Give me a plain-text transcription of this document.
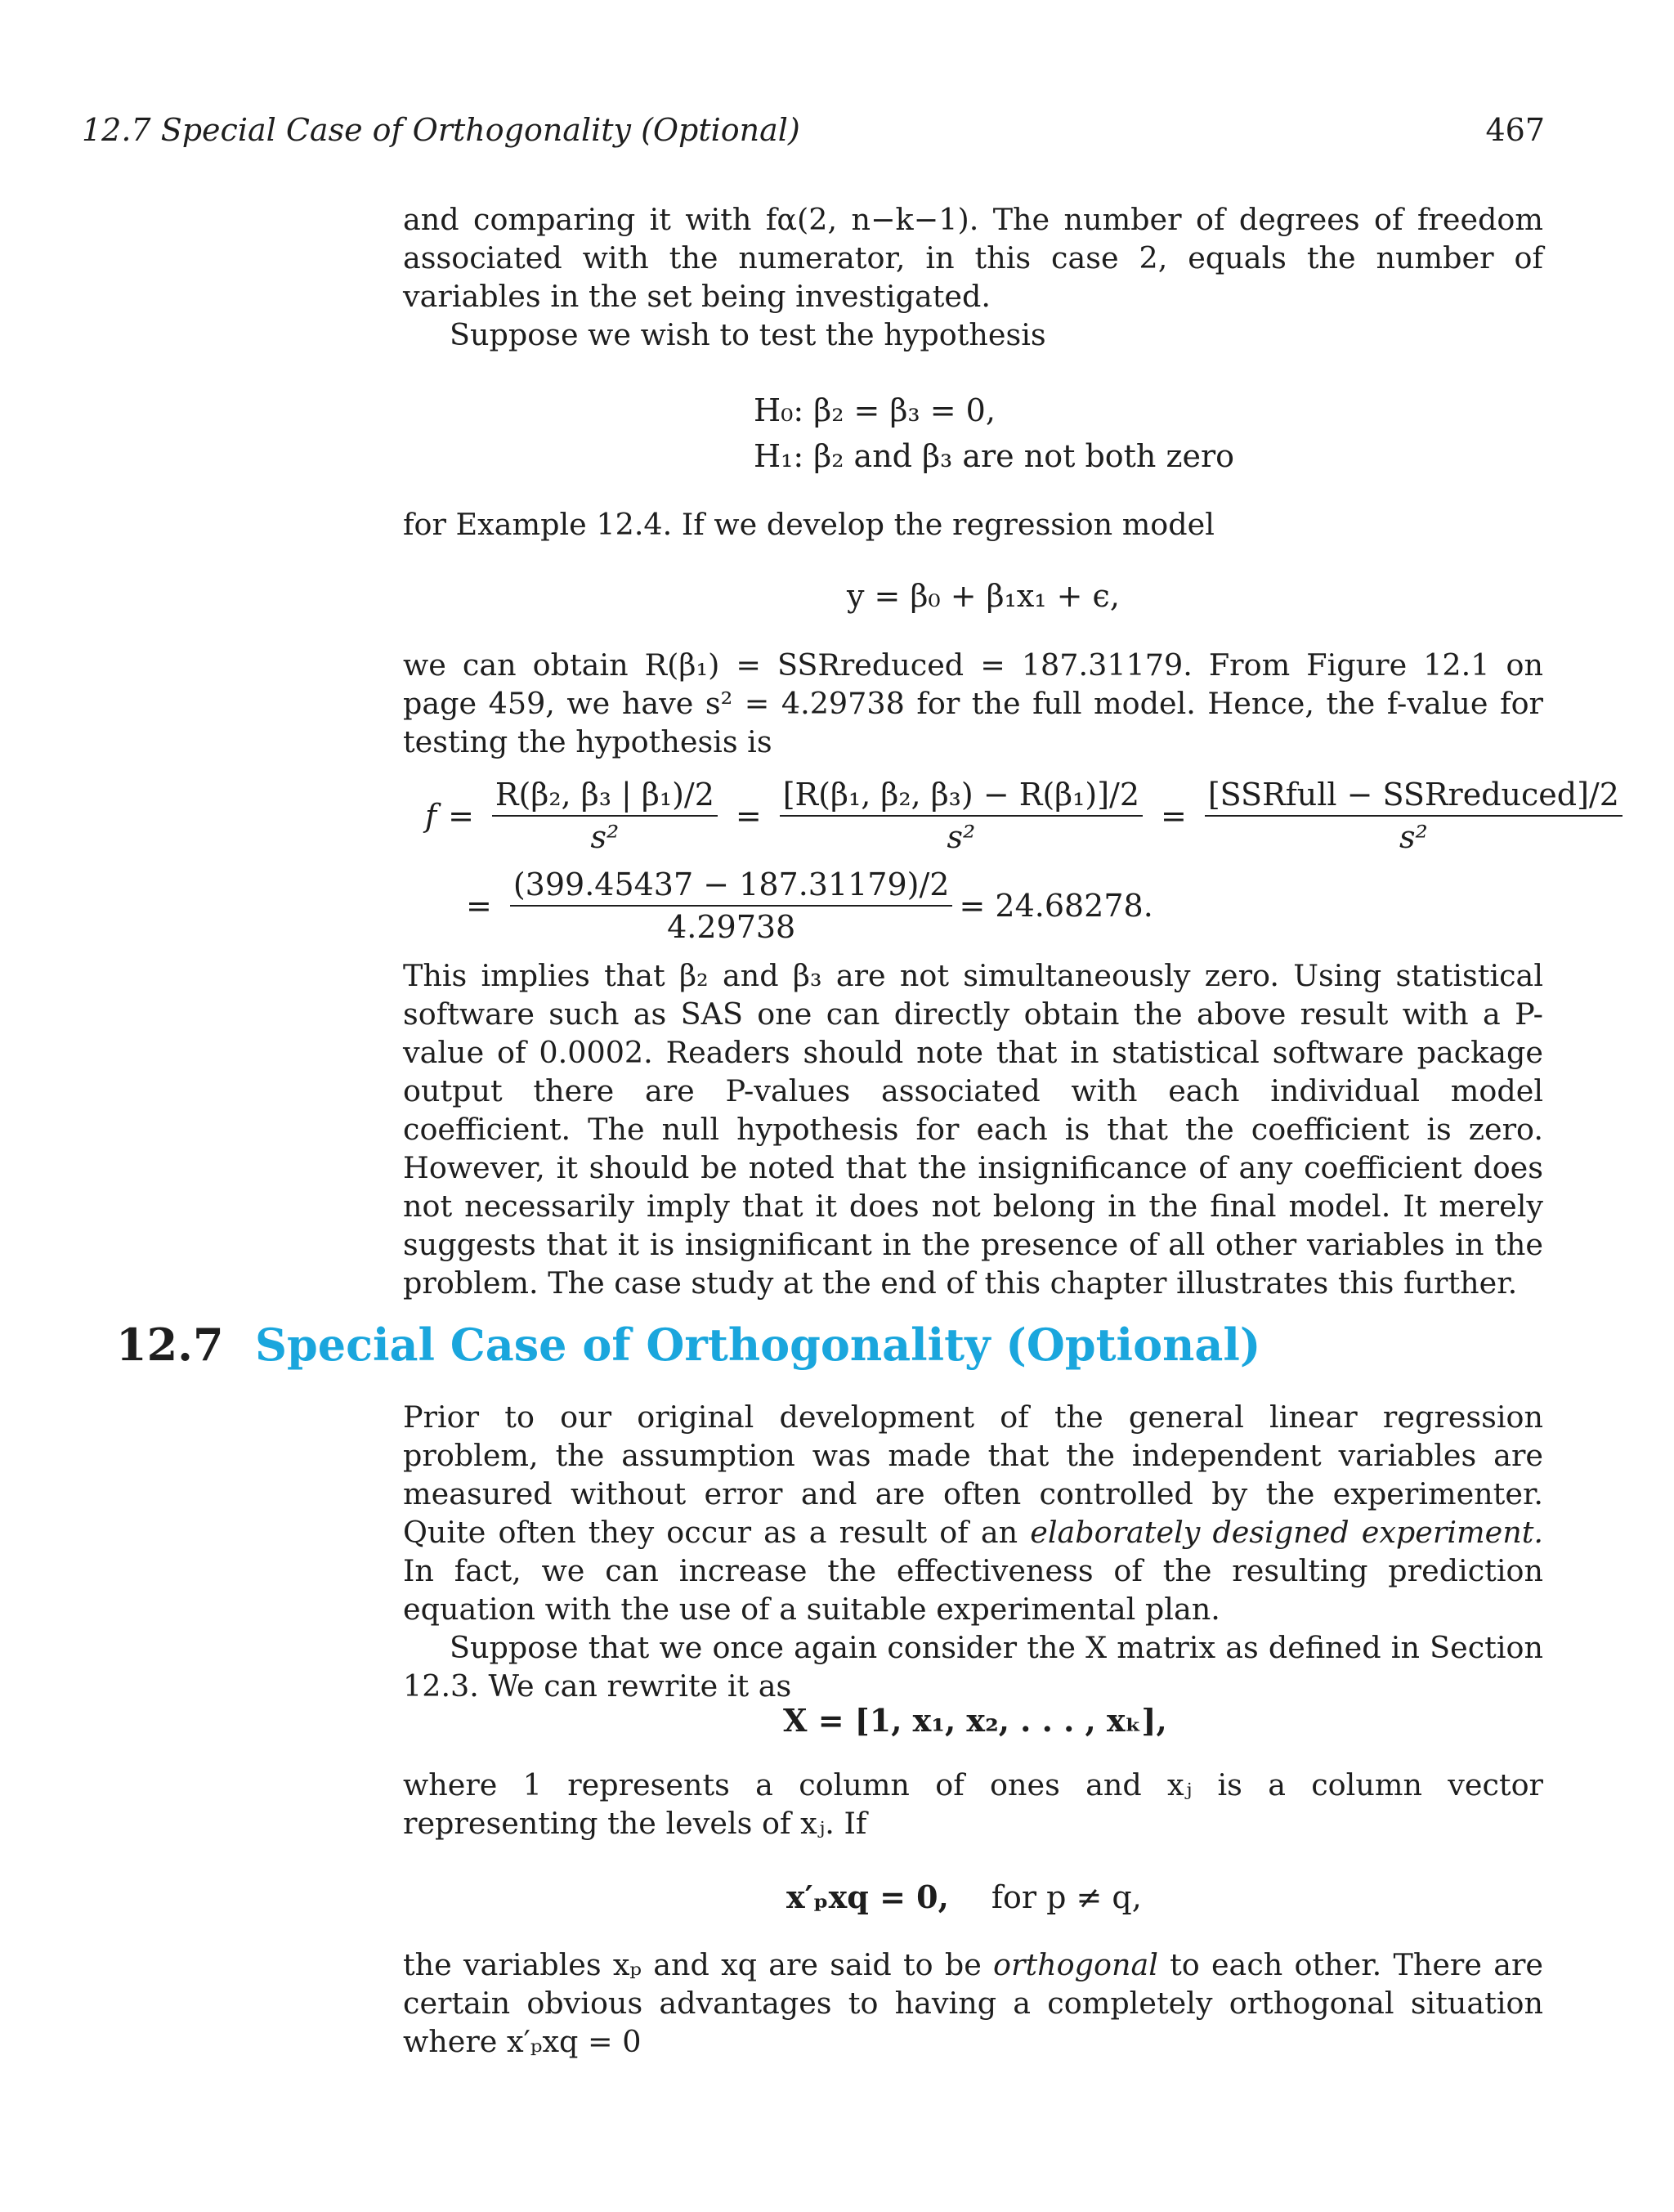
12.7 Special Case of Orthogonality (Optional)	467

and comparing it with fα(2, n−k−1). The number of degrees of freedom associated with the numerator, in this case 2, equals the number of variables in the set being investigated.

Suppose we wish to test the hypothesis

H₀: β₂ = β₃ = 0,
H₁: β₂ and β₃ are not both zero

for Example 12.4. If we develop the regression model

y = β₀ + β₁x₁ + ϵ,

we can obtain R(β₁) = SSRreduced = 187.31179. From Figure 12.1 on page 459, we have s² = 4.29738 for the full model. Hence, the f-value for testing the hypothesis is

$f = \frac{\text{R(β₂, β₃ | β₁)/2}}{\text{s²}} = \frac{\text{[R(β₁, β₂, β₃) − R(β₁)]/2}}{\text{s²}} = \frac{\text{[SSRfull − SSRreduced]/2}}{\text{s²}}$
= $\frac{(399.45437 - 187.31179)/2}{4.29738} = 24.68278$.

This implies that β₂ and β₃ are not simultaneously zero. Using statistical software such as SAS one can directly obtain the above result with a P-value of 0.0002. Readers should note that in statistical software package output there are P-values associated with each individual model coefficient. The null hypothesis for each is that the coefficient is zero. However, it should be noted that the insignificance of any coefficient does not necessarily imply that it does not belong in the final model. It merely suggests that it is insignificant in the presence of all other variables in the problem. The case study at the end of this chapter illustrates this further.

12.7 Special Case of Orthogonality (Optional)

Prior to our original development of the general linear regression problem, the assumption was made that the independent variables are measured without error and are often controlled by the experimenter. Quite often they occur as a result of an elaborately designed experiment. In fact, we can increase the effectiveness of the resulting prediction equation with the use of a suitable experimental plan.

Suppose that we once again consider the X matrix as defined in Section 12.3. We can rewrite it as

X = [1, x₁, x₂, . . . , xₖ],

where 1 represents a column of ones and xⱼ is a column vector representing the levels of xⱼ. If

x′ₚxq = 0, for p ≠ q,

the variables xₚ and xq are said to be orthogonal to each other. There are certain obvious advantages to having a completely orthogonal situation where x′ₚxq = 0
